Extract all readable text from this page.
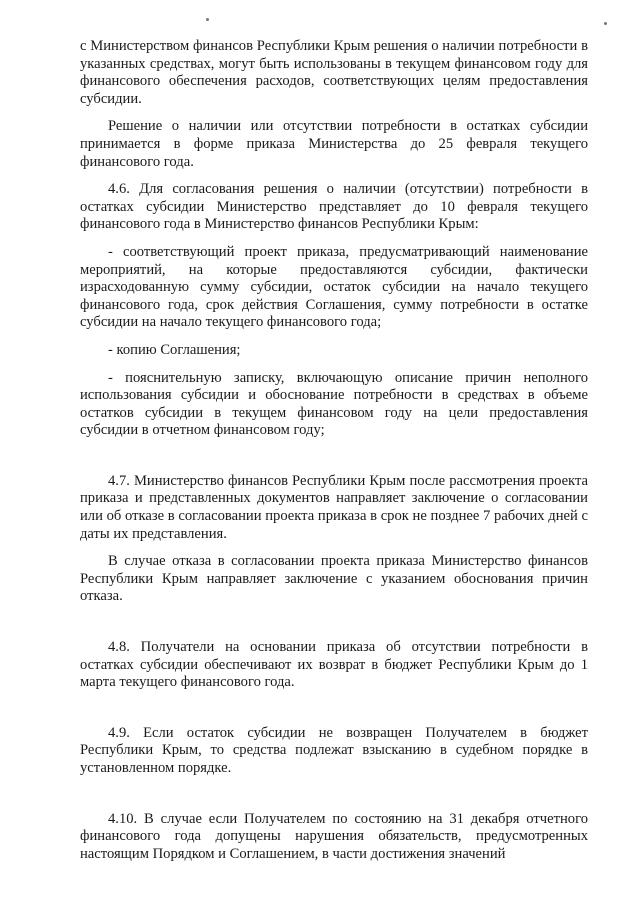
с Министерством финансов Республики Крым решения о наличии потребности в указанных средствах, могут быть использованы в текущем финансовом году для финансового обеспечения расходов, соответствующих целям предоставления субсидии.

Решение о наличии или отсутствии потребности в остатках субсидии принимается в форме приказа Министерства до 25 февраля текущего финансового года.

4.6. Для согласования решения о наличии (отсутствии) потребности в остатках субсидии Министерство представляет до 10 февраля текущего финансового года в Министерство финансов Республики Крым:

- соответствующий проект приказа, предусматривающий наименование мероприятий, на которые предоставляются субсидии, фактически израсходованную сумму субсидии, остаток субсидии на начало текущего финансового года, срок действия Соглашения, сумму потребности в остатке субсидии на начало текущего финансового года;

- копию Соглашения;

- пояснительную записку, включающую описание причин неполного использования субсидии и обоснование потребности в средствах в объеме остатков субсидии в текущем финансовом году на цели предоставления субсидии в отчетном финансовом году;

4.7. Министерство финансов Республики Крым после рассмотрения проекта приказа и представленных документов направляет заключение о согласовании или об отказе в согласовании проекта приказа в срок не позднее 7 рабочих дней с даты их представления.

В случае отказа в согласовании проекта приказа Министерство финансов Республики Крым направляет заключение с указанием обоснования причин отказа.

4.8. Получатели на основании приказа об отсутствии потребности в остатках субсидии обеспечивают их возврат в бюджет Республики Крым до 1 марта текущего финансового года.

4.9. Если остаток субсидии не возвращен Получателем в бюджет Республики Крым, то средства подлежат взысканию в судебном порядке в установленном порядке.

4.10. В случае если Получателем по состоянию на 31 декабря отчетного финансового года допущены нарушения обязательств, предусмотренных настоящим Порядком и Соглашением, в части достижения значений
